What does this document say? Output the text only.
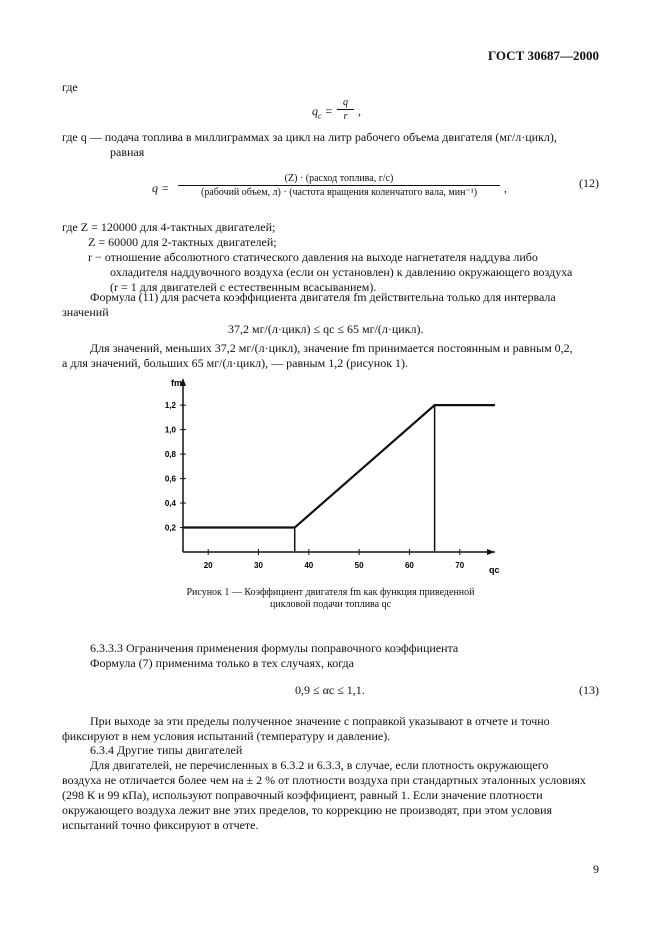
ГОСТ 30687—2000
где
$q_c = \frac{q}{r}$ ,
где q — подача топлива в миллиграммах за цикл на литр рабочего объема двигателя (мг/л·цикл),
равная
q =
(Z) · (расход топлива, г/с)
(рабочий объем, л) · (частота вращения коленчатого вала, мин⁻¹) ,	(12)
где Z = 120000 для 4-тактных двигателей;
Z = 60000 для 2-тактных двигателей;
r − отношение абсолютного статического давления на выходе нагнетателя наддува либо
охладителя наддувочного воздуха (если он установлен) к давлению окружающего воздуха
(r = 1 для двигателей с естественным всасыванием).
Формула (11) для расчета коэффициента двигателя fm действительна только для интервала
значений
37,2 мг/(л·цикл) ≤ qc ≤ 65 мг/(л·цикл).
Для значений, меньших 37,2 мг/(л·цикл), значение fm принимается постоянным и равным 0,2,
а для значений, больших 65 мг/(л·цикл), — равным 1,2 (рисунок 1).
fm
qc
0,2
0,4
0,6
0,8
1,0
1,2
20	30	40	50	60	70
Рисунок 1 — Коэффициент двигателя fm как функция приведенной
цикловой подачи топлива qc
6.3.3.3 Ограничения применения формулы поправочного коэффициента
Формула (7) применима только в тех случаях, когда
0,9 ≤ αc ≤ 1,1.	(13)
При выходе за эти пределы полученное значение с поправкой указывают в отчете и точно
фиксируют в нем условия испытаний (температуру и давление).
6.3.4 Другие типы двигателей
Для двигателей, не перечисленных в 6.3.2 и 6.3.3, в случае, если плотность окружающего
воздуха не отличается более чем на ± 2 % от плотности воздуха при стандартных эталонных условиях
(298 К и 99 кПа), используют поправочный коэффициент, равный 1. Если значение плотности
окружающего воздуха лежит вне этих пределов, то коррекцию не производят, при этом условия
испытаний точно фиксируют в отчете.
9
